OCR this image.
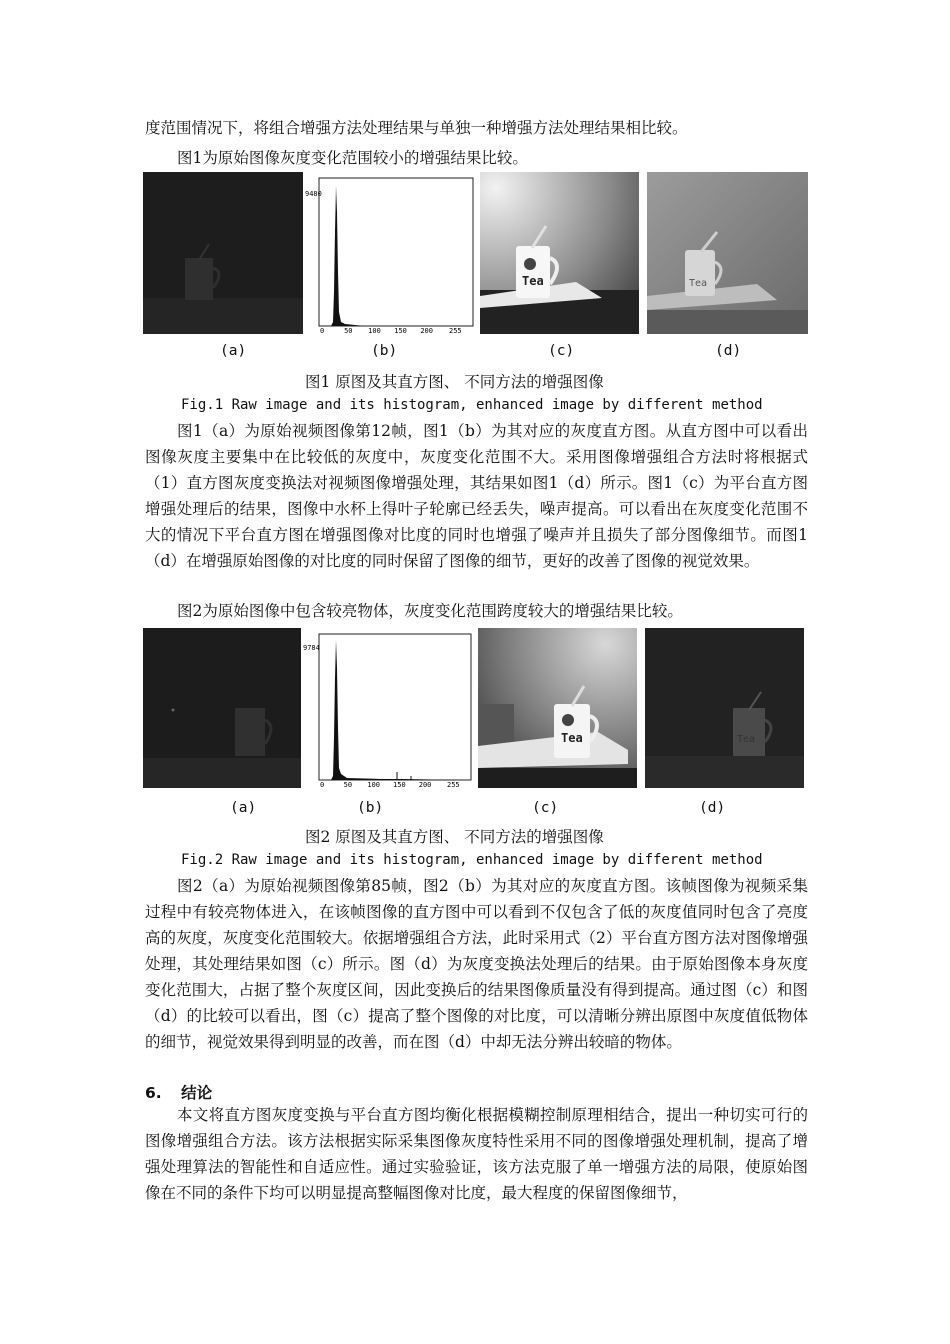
度范围情况下，将组合增强方法处理结果与单独一种增强方法处理结果相比较。
图1为原始图像灰度变化范围较小的增强结果比较。
9480
0	50 100 150 200 255
Tea	Tea
(a)	(b)	(c)	(d)
图1 原图及其直方图、 不同方法的增强图像
Fig.1 Raw image and its histogram, enhanced image by different method

图1（a）为原始视频图像第12帧，图1（b）为其对应的灰度直方图。从直方图中可以看出图像灰度主要集中在比较低的灰度中，灰度变化范围不大。采用图像增强组合方法时将根据式（1）直方图灰度变换法对视频图像增强处理，其结果如图1（d）所示。图1（c）为平台直方图增强处理后的结果，图像中水杯上得叶子轮廓已经丢失，噪声提高。可以看出在灰度变化范围不大的情况下平台直方图在增强图像对比度的同时也增强了噪声并且损失了部分图像细节。而图1（d）在增强原始图像的对比度的同时保留了图像的细节，更好的改善了图像的视觉效果。

图2为原始图像中包含较亮物体，灰度变化范围跨度较大的增强结果比较。
9784
0	50 100 150 200 255
Tea	Tea
(a)	(b)	(c)	(d)
图2 原图及其直方图、 不同方法的增强图像
Fig.2 Raw image and its histogram, enhanced image by different method

图2（a）为原始视频图像第85帧，图2（b）为其对应的灰度直方图。该帧图像为视频采集过程中有较亮物体进入，在该帧图像的直方图中可以看到不仅包含了低的灰度值同时包含了亮度高的灰度，灰度变化范围较大。依据增强组合方法，此时采用式（2）平台直方图方法对图像增强处理，其处理结果如图（c）所示。图（d）为灰度变换法处理后的结果。由于原始图像本身灰度变化范围大，占据了整个灰度区间，因此变换后的结果图像质量没有得到提高。通过图（c）和图（d）的比较可以看出，图（c）提高了整个图像的对比度，可以清晰分辨出原图中灰度值低物体的细节，视觉效果得到明显的改善，而在图（d）中却无法分辨出较暗的物体。

6. 结论

本文将直方图灰度变换与平台直方图均衡化根据模糊控制原理相结合，提出一种切实可行的图像增强组合方法。该方法根据实际采集图像灰度特性采用不同的图像增强处理机制，提高了增强处理算法的智能性和自适应性。通过实验验证，该方法克服了单一增强方法的局限，使原始图像在不同的条件下均可以明显提高整幅图像对比度，最大程度的保留图像细节，
